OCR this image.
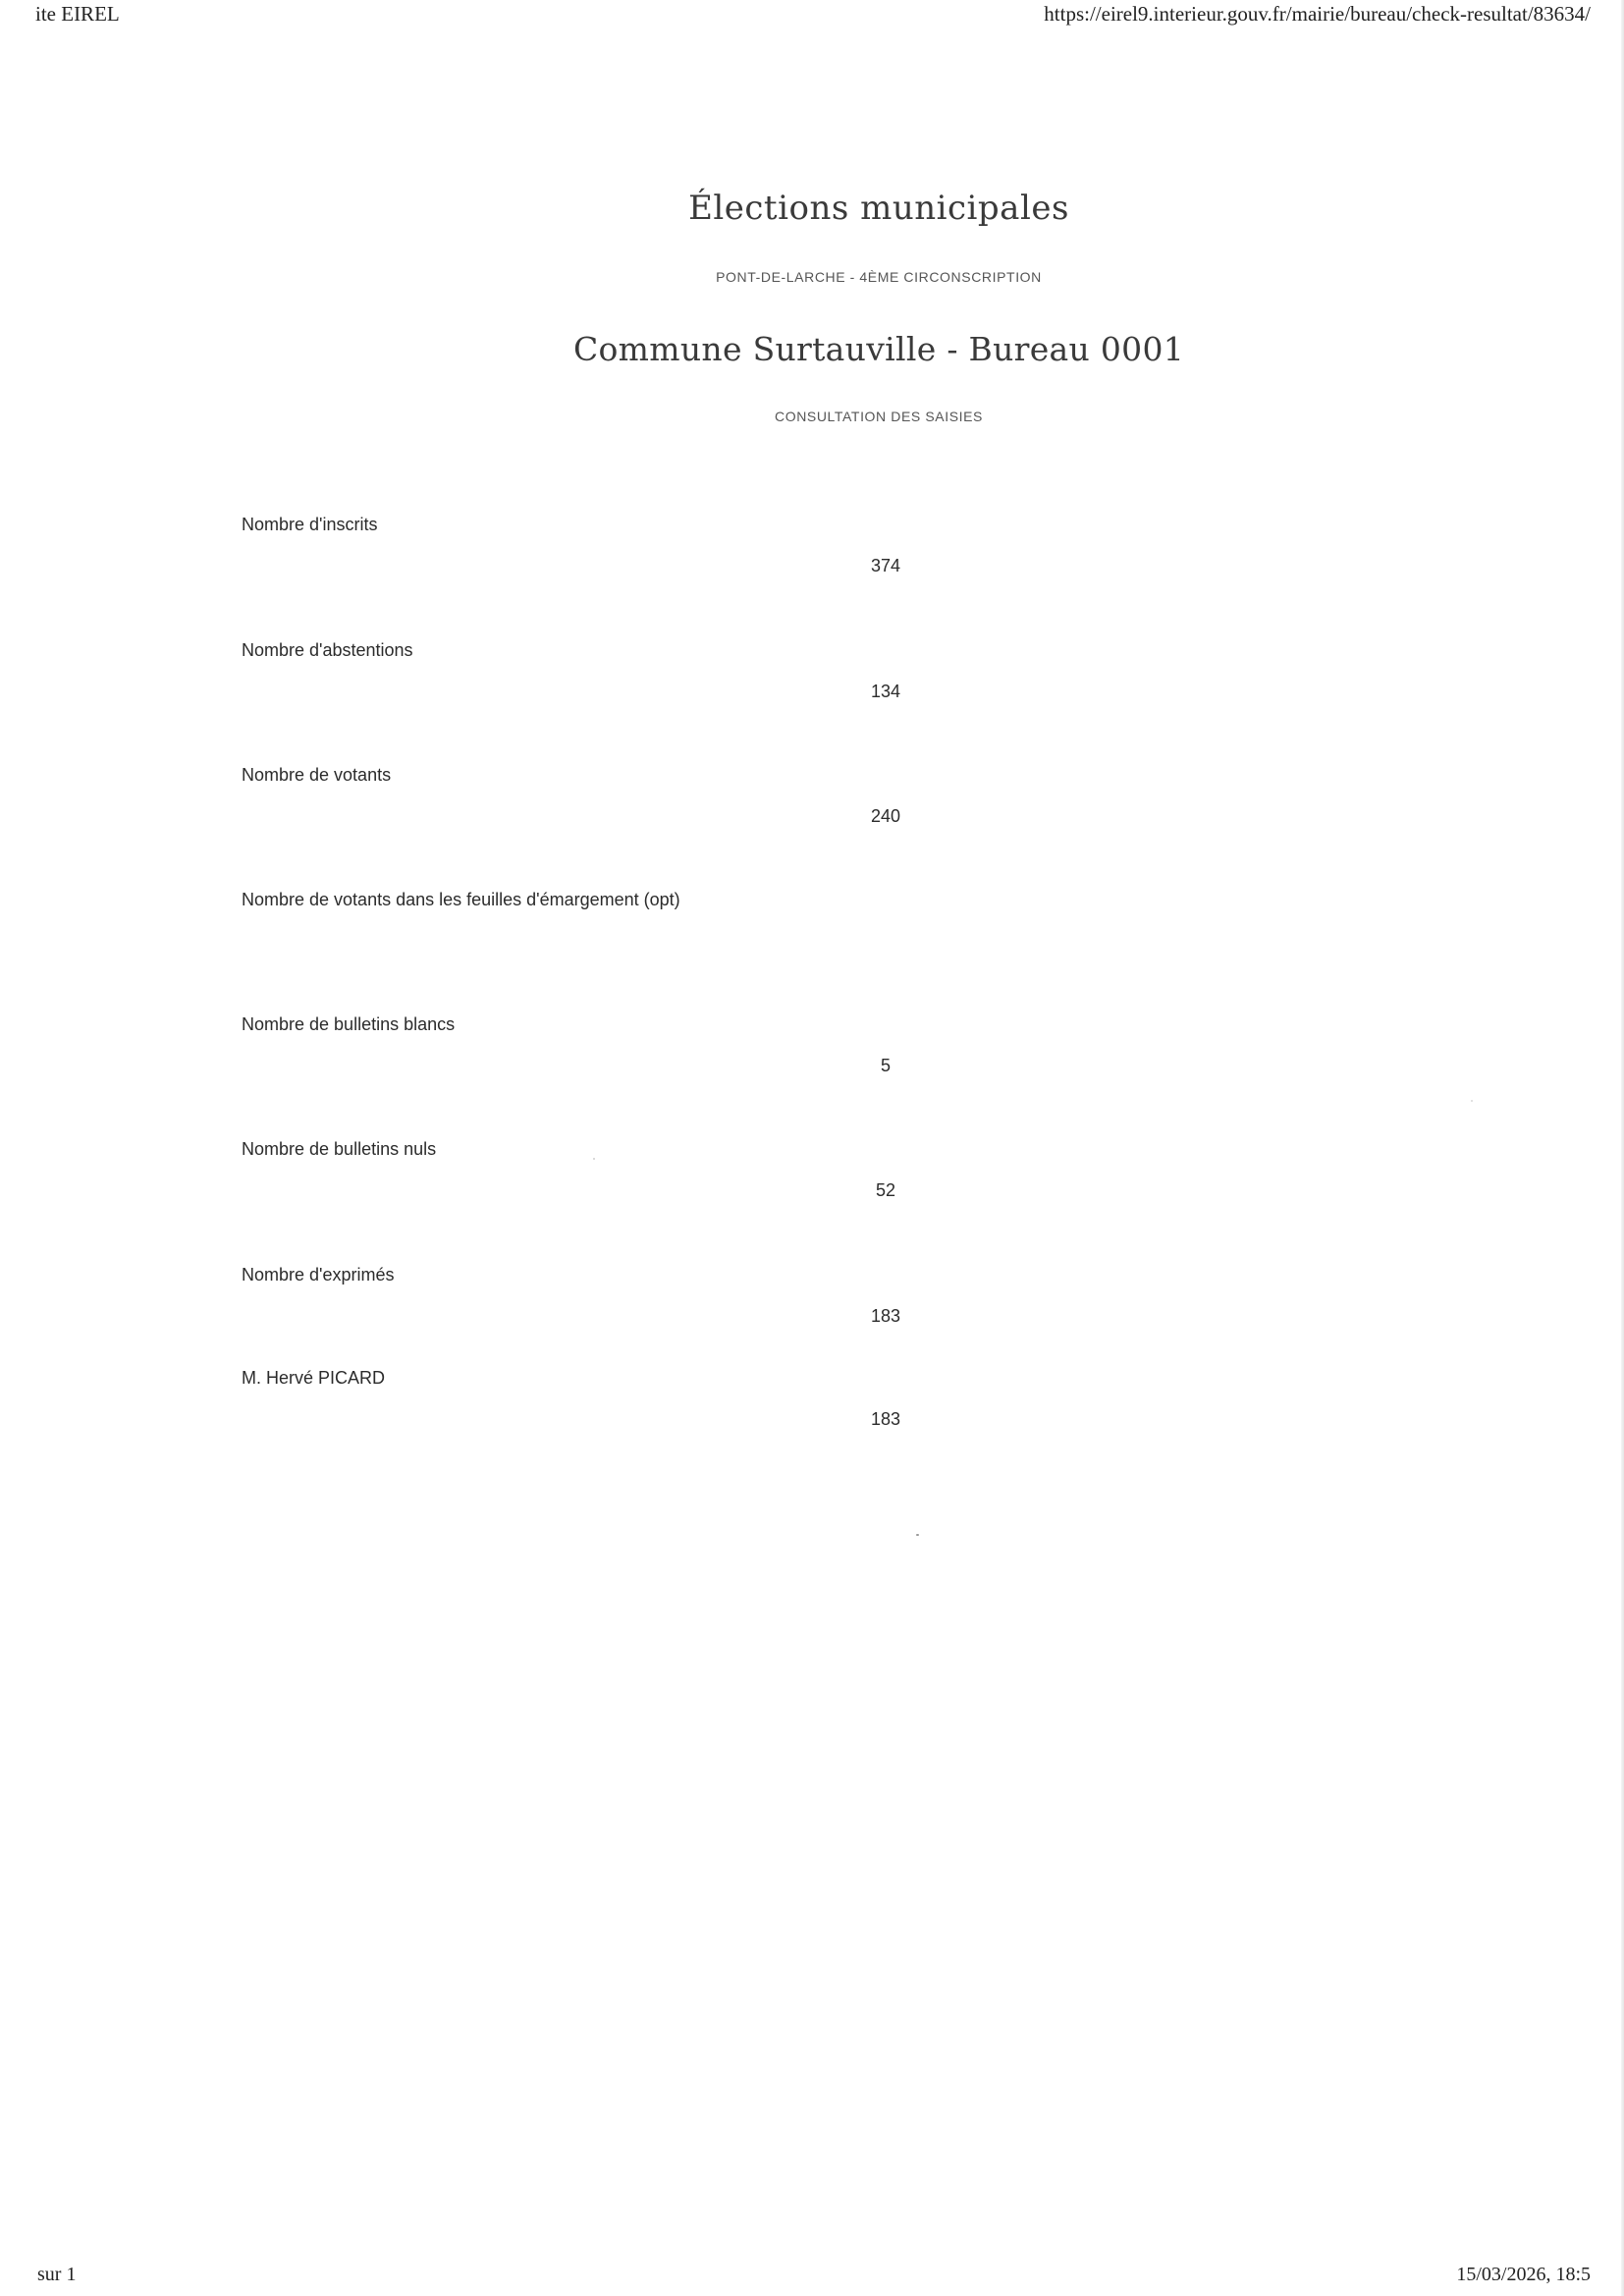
ite EIREL	https://eirel9.interieur.gouv.fr/mairie/bureau/check-resultat/83634/
Élections municipales
PONT-DE-LARCHE - 4ÈME CIRCONSCRIPTION
Commune Surtauville - Bureau 0001
CONSULTATION DES SAISIES
Nombre d'inscrits
374
Nombre d'abstentions
134
Nombre de votants
240
Nombre de votants dans les feuilles d'émargement (opt)
Nombre de bulletins blancs
5
Nombre de bulletins nuls
52
Nombre d'exprimés
183
M. Hervé PICARD
183
sur 1	15/03/2026, 18:5
